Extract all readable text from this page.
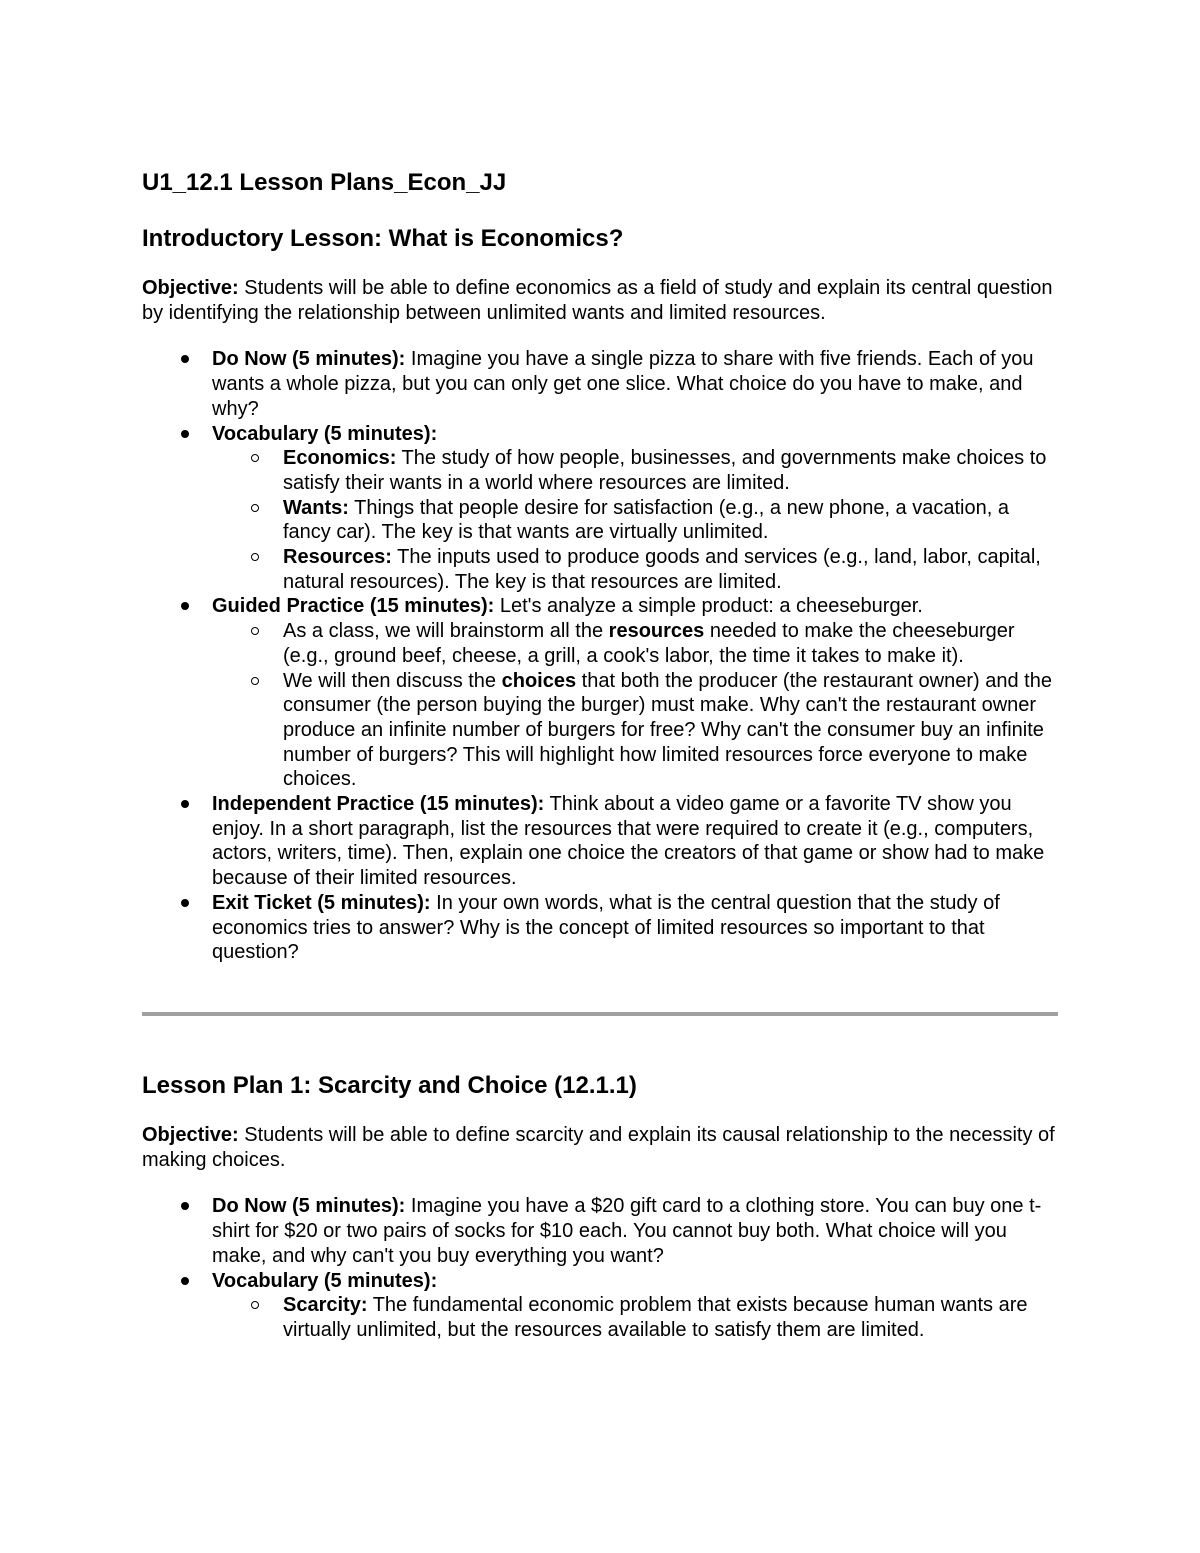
U1_12.1 Lesson Plans_Econ_JJ
Introductory Lesson: What is Economics?

Objective: Students will be able to define economics as a field of study and explain its central question by identifying the relationship between unlimited wants and limited resources.

Do Now (5 minutes): Imagine you have a single pizza to share with five friends. Each of you wants a whole pizza, but you can only get one slice. What choice do you have to make, and why?
Vocabulary (5 minutes):
Economics: The study of how people, businesses, and governments make choices to satisfy their wants in a world where resources are limited.
Wants: Things that people desire for satisfaction (e.g., a new phone, a vacation, a fancy car). The key is that wants are virtually unlimited.
Resources: The inputs used to produce goods and services (e.g., land, labor, capital, natural resources). The key is that resources are limited.
Guided Practice (15 minutes): Let's analyze a simple product: a cheeseburger.
As a class, we will brainstorm all the resources needed to make the cheeseburger (e.g., ground beef, cheese, a grill, a cook's labor, the time it takes to make it).
We will then discuss the choices that both the producer (the restaurant owner) and the consumer (the person buying the burger) must make. Why can't the restaurant owner produce an infinite number of burgers for free? Why can't the consumer buy an infinite number of burgers? This will highlight how limited resources force everyone to make choices.
Independent Practice (15 minutes): Think about a video game or a favorite TV show you enjoy. In a short paragraph, list the resources that were required to create it (e.g., computers, actors, writers, time). Then, explain one choice the creators of that game or show had to make because of their limited resources.
Exit Ticket (5 minutes): In your own words, what is the central question that the study of economics tries to answer? Why is the concept of limited resources so important to that question?
Lesson Plan 1: Scarcity and Choice (12.1.1)

Objective: Students will be able to define scarcity and explain its causal relationship to the necessity of making choices.

Do Now (5 minutes): Imagine you have a $20 gift card to a clothing store. You can buy one t-shirt for $20 or two pairs of socks for $10 each. You cannot buy both. What choice will you make, and why can't you buy everything you want?
Vocabulary (5 minutes):
Scarcity: The fundamental economic problem that exists because human wants are virtually unlimited, but the resources available to satisfy them are limited.
